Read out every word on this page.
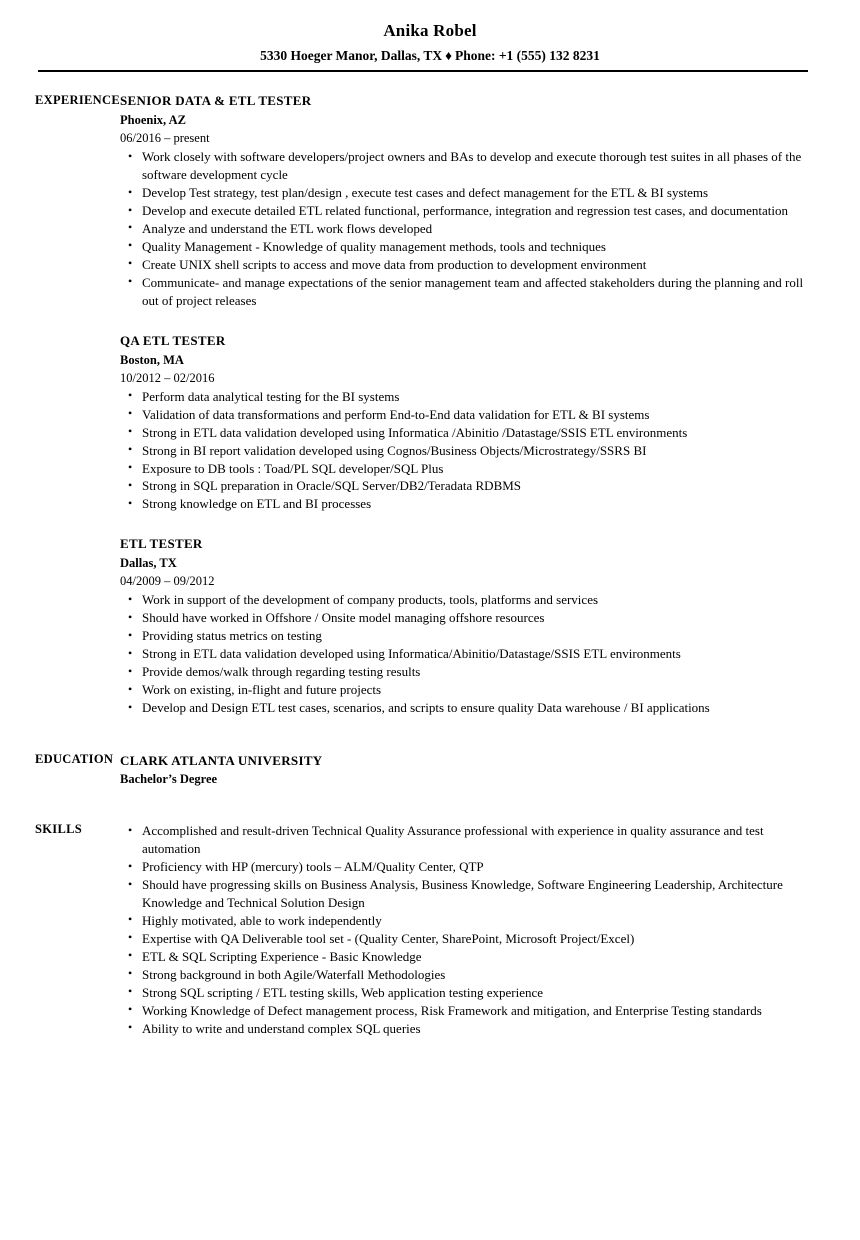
Anika Robel
5330 Hoeger Manor, Dallas, TX ♦ Phone: +1 (555) 132 8231
EXPERIENCE SENIOR DATA & ETL TESTER
Phoenix, AZ
06/2016 – present
• Work closely with software developers/project owners and BAs to develop and execute thorough test suites in all phases of the software development cycle
• Develop Test strategy, test plan/design , execute test cases and defect management for the ETL & BI systems
• Develop and execute detailed ETL related functional, performance, integration and regression test cases, and documentation
• Analyze and understand the ETL work flows developed
• Quality Management - Knowledge of quality management methods, tools and techniques
• Create UNIX shell scripts to access and move data from production to development environment
• Communicate- and manage expectations of the senior management team and affected stakeholders during the planning and roll out of project releases
QA ETL TESTER
Boston, MA
10/2012 – 02/2016
• Perform data analytical testing for the BI systems
• Validation of data transformations and perform End-to-End data validation for ETL & BI systems
• Strong in ETL data validation developed using Informatica /Abinitio /Datastage/SSIS ETL environments
• Strong in BI report validation developed using Cognos/Business Objects/Microstrategy/SSRS BI
• Exposure to DB tools : Toad/PL SQL developer/SQL Plus
• Strong in SQL preparation in Oracle/SQL Server/DB2/Teradata RDBMS
• Strong knowledge on ETL and BI processes
ETL TESTER
Dallas, TX
04/2009 – 09/2012
• Work in support of the development of company products, tools, platforms and services
• Should have worked in Offshore / Onsite model managing offshore resources
• Providing status metrics on testing
• Strong in ETL data validation developed using Informatica/Abinitio/Datastage/SSIS ETL environments
• Provide demos/walk through regarding testing results
• Work on existing, in-flight and future projects
• Develop and Design ETL test cases, scenarios, and scripts to ensure quality Data warehouse / BI applications
EDUCATION CLARK ATLANTA UNIVERSITY
Bachelor’s Degree
SKILLS	• Accomplished and result-driven Technical Quality Assurance professional with experience in quality assurance and test automation
• Proficiency with HP (mercury) tools – ALM/Quality Center, QTP
• Should have progressing skills on Business Analysis, Business Knowledge, Software Engineering Leadership, Architecture Knowledge and Technical Solution Design
• Highly motivated, able to work independently
• Expertise with QA Deliverable tool set - (Quality Center, SharePoint, Microsoft Project/Excel)
• ETL & SQL Scripting Experience - Basic Knowledge
• Strong background in both Agile/Waterfall Methodologies
• Strong SQL scripting / ETL testing skills, Web application testing experience
• Working Knowledge of Defect management process, Risk Framework and mitigation, and Enterprise Testing standards
• Ability to write and understand complex SQL queries
